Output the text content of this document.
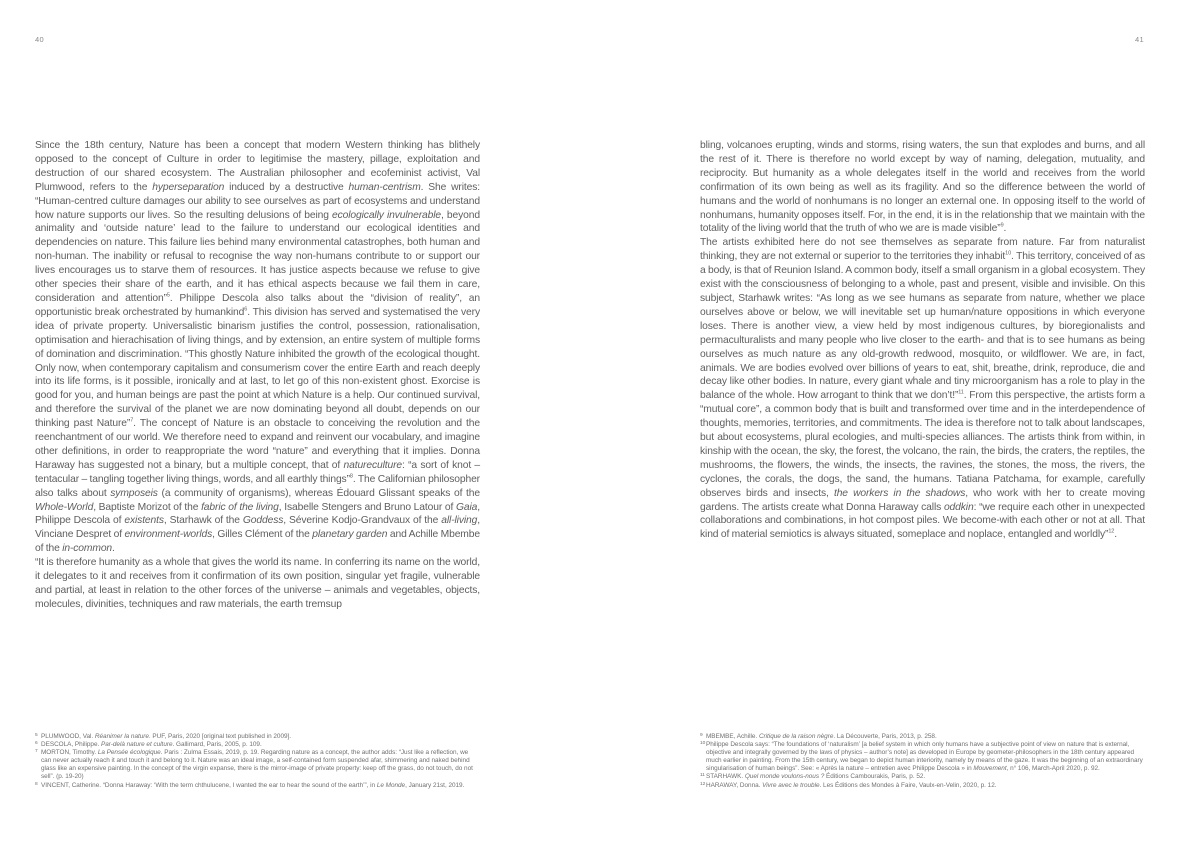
40

Since the 18th century, Nature has been a concept that modern Western thinking has blithely opposed to the concept of Culture in order to legitimise the mastery, pillage, exploitation and destruction of our shared ecosystem. The Australian philosopher and ecofeminist activist, Val Plumwood, refers to the hyperseparation induced by a destructive human-centrism. She writes: “Human-centred culture damages our ability to see ourselves as part of ecosystems and understand how nature supports our lives. So the resulting delusions of being ecologically invulnerable, beyond animality and ‘outside nature’ lead to the failure to understand our ecological identities and dependencies on nature. This failure lies behind many environmental catastrophes, both human and non-human. The inability or refusal to recognise the way non-humans contribute to or support our lives encourages us to starve them of resources. It has justice aspects because we refuse to give other species their share of the earth, and it has ethical aspects because we fail them in care, consideration and attention”$^5$. Philippe Descola also talks about the “division of reality”, an opportunistic break orchestrated by humankind$^6$. This division has served and systematised the very idea of private property. Universalistic binarism justifies the control, possession, rationalisation, optimisation and hierachisation of living things, and by extension, an entire system of multiple forms of domination and discrimination. “This ghostly Nature inhibited the growth of the ecological thought. Only now, when contemporary capitalism and consumerism cover the entire Earth and reach deeply into its life forms, is it possible, ironically and at last, to let go of this non-existent ghost. Exorcise is good for you, and human beings are past the point at which Nature is a help. Our continued survival, and therefore the survival of the planet we are now dominating beyond all doubt, depends on our thinking past Nature”$^7$. The concept of Nature is an obstacle to conceiving the revolution and the reenchantment of our world. We therefore need to expand and reinvent our vocabulary, and imagine other definitions, in order to reappropriate the word “nature” and everything that it implies. Donna Haraway has suggested not a binary, but a multiple concept, that of natureculture: “a sort of knot – tentacular – tangling together living things, words, and all earthly things”$^8$. The Californian philosopher also talks about symposeis (a community of organisms), whereas Édouard Glissant speaks of the Whole-World, Baptiste Morizot of the fabric of the living, Isabelle Stengers and Bruno Latour of Gaia, Philippe Descola of existents, Starhawk of the Goddess, Séverine Kodjo-Grandvaux of the all-living, Vinciane Despret of environment-worlds, Gilles Clément of the planetary garden and Achille Mbembe of the in-common.

“It is therefore humanity as a whole that gives the world its name. In conferring its name on the world, it delegates to it and receives from it confirmation of its own position, singular yet fragile, vulnerable and partial, at least in relation to the other forces of the universe – animals and vegetables, objects, molecules, divinities, techniques and raw materials, the earth tremsup

5 PLUMWOOD, Val. Réanimer la nature. PUF, Paris, 2020 [original text published in 2009].
6 DESCOLA, Philippe. Par-delà nature et culture. Gallimard, Paris, 2005, p. 109.
7 MORTON, Timothy. La Pensée écologique. Paris : Zulma Essais, 2019, p. 19. Regarding nature as a concept, the author adds: “Just like a reflection, we can never actually reach it and touch it and belong to it. Nature was an ideal image, a self-contained form suspended afar, shimmering and naked behind glass like an expensive painting. In the concept of the virgin expanse, there is the mirror-image of private property: keep off the grass, do not touch, do not sell”. (p. 19-20)
8 VINCENT, Catherine. “Donna Haraway: ‘With the term chthulucene, I wanted the ear to hear the sound of the earth’”, in Le Monde, January 21st, 2019.
41

bling, volcanoes erupting, winds and storms, rising waters, the sun that explodes and burns, and all the rest of it. There is therefore no world except by way of naming, delegation, mutuality, and reciprocity. But humanity as a whole delegates itself in the world and receives from the world confirmation of its own being as well as its fragility. And so the difference between the world of humans and the world of nonhumans is no longer an external one. In opposing itself to the world of nonhumans, humanity opposes itself. For, in the end, it is in the relationship that we maintain with the totality of the living world that the truth of who we are is made visible”$^9$.

The artists exhibited here do not see themselves as separate from nature. Far from naturalist thinking, they are not external or superior to the territories they inhabit$^{10}$. This territory, conceived of as a body, is that of Reunion Island. A common body, itself a small organism in a global ecosystem. They exist with the consciousness of belonging to a whole, past and present, visible and invisible. On this subject, Starhawk writes: “As long as we see humans as separate from nature, whether we place ourselves above or below, we will inevitable set up human/nature oppositions in which everyone loses. There is another view, a view held by most indigenous cultures, by bioregionalists and permaculturalists and many people who live closer to the earth- and that is to see humans as being ourselves as much nature as any old-growth redwood, mosquito, or wildflower. We are, in fact, animals. We are bodies evolved over billions of years to eat, shit, breathe, drink, reproduce, die and decay like other bodies. In nature, every giant whale and tiny microorganism has a role to play in the balance of the whole. How arrogant to think that we don’t!”$^{11}$. From this perspective, the artists form a “mutual core”, a common body that is built and transformed over time and in the interdependence of thoughts, memories, territories, and commitments. The idea is therefore not to talk about landscapes, but about ecosystems, plural ecologies, and multi-species alliances. The artists think from within, in kinship with the ocean, the sky, the forest, the volcano, the rain, the birds, the craters, the reptiles, the mushrooms, the flowers, the winds, the insects, the ravines, the stones, the moss, the rivers, the cyclones, the corals, the dogs, the sand, the humans. Tatiana Patchama, for example, carefully observes birds and insects, the workers in the shadows, who work with her to create moving gardens. The artists create what Donna Haraway calls oddkin: “we require each other in unexpected collaborations and combinations, in hot compost piles. We become-with each other or not at all. That kind of material semiotics is always situated, someplace and noplace, entangled and worldly”$^{12}$.

9 MBEMBE, Achille. Critique de la raison nègre. La Découverte, Paris, 2013, p. 258.
10 Philippe Descola says: “The foundations of ‘naturalism’ [a belief system in which only humans have a subjective point of view on nature that is external, objective and integrally governed by the laws of physics – author’s note] as developed in Europe by geometer-philosophers in the 18th century appeared much earlier in painting. From the 15th century, we began to depict human interiority, namely by means of the gaze. It was the beginning of an extraordinary singularisation of human beings”. See: « Après la nature – entretien avec Philippe Descola » in Mouvement, n° 106, March-April 2020, p. 92.
11 STARHAWK. Quel monde voulons-nous ? Éditions Cambourakis, Paris, p. 52.
12 HARAWAY, Donna. Vivre avec le trouble. Les Éditions des Mondes à Faire, Vaulx-en-Velin, 2020, p. 12.
